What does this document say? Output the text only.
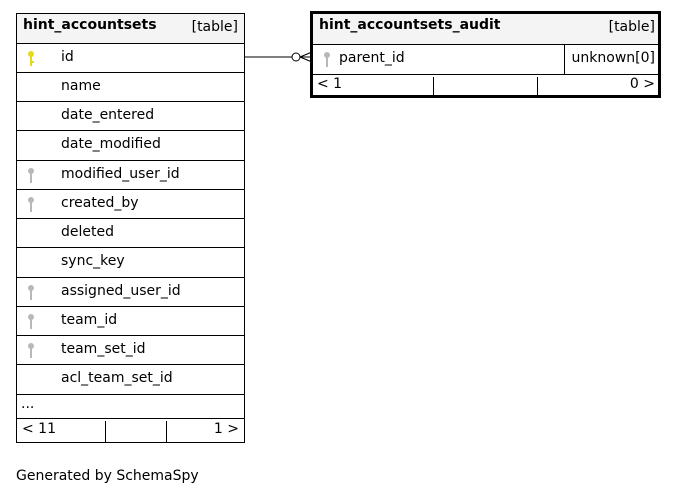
hint_accountsets	[table]
id
name
date_entered
date_modified
modified_user_id
created_by
deleted
sync_key
assigned_user_id
team_id
team_set_id
acl_team_set_id
...
< 11	1 >
hint_accountsets_audit	[table]
parent_id	unknown[0]
< 1	0 >
Generated by SchemaSpy
